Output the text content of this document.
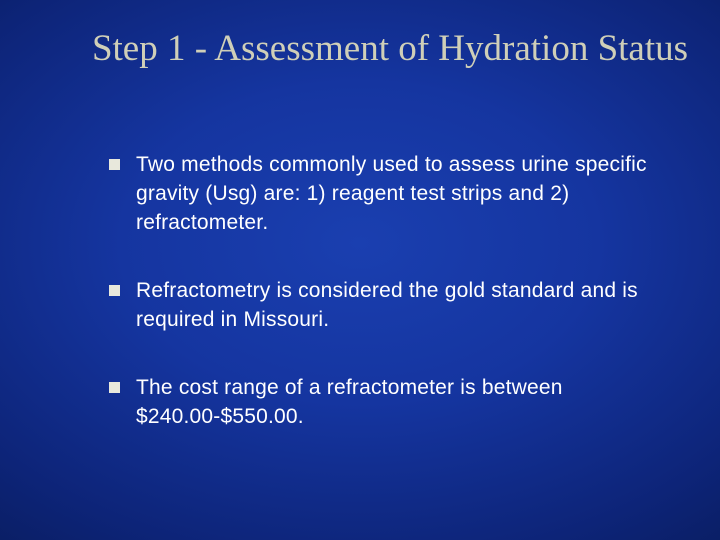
Step 1 - Assessment of Hydration Status
Two methods commonly used to assess urine specific gravity (Usg) are: 1) reagent test strips and 2) refractometer.
Refractometry is considered the gold standard and is required in Missouri.
The cost range of a refractometer is between $240.00-$550.00.
